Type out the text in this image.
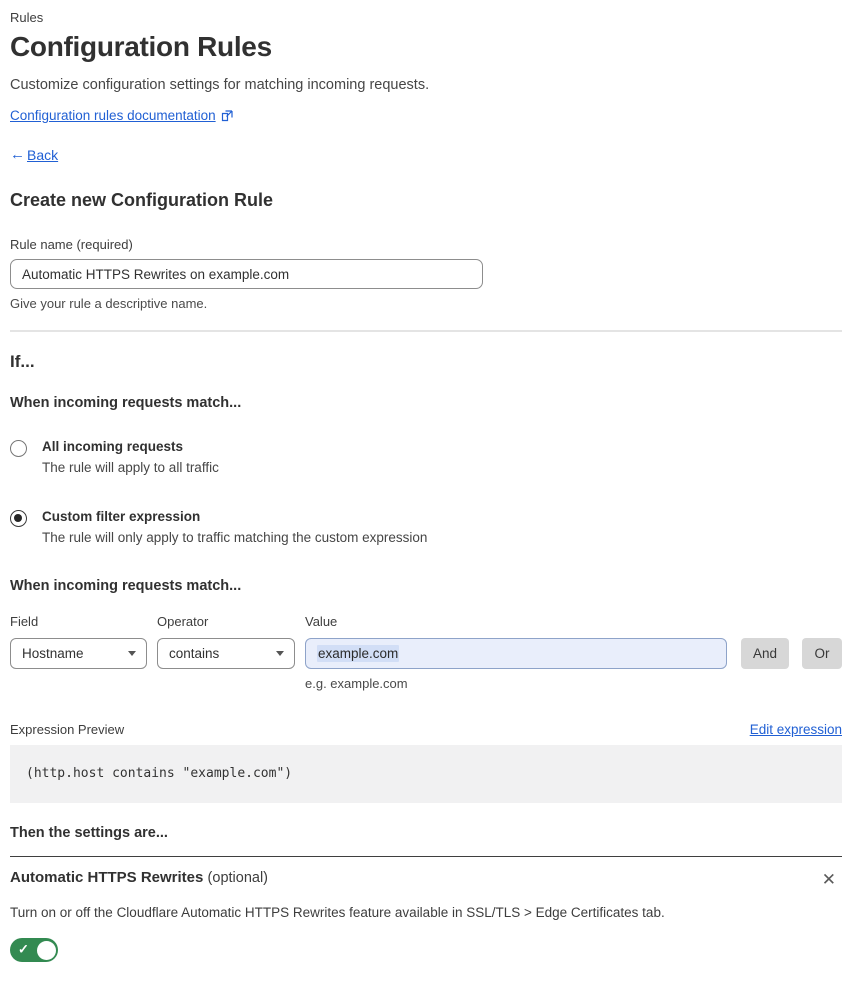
Rules
Configuration Rules
Customize configuration settings for matching incoming requests.
Configuration rules documentation
← Back
Create new Configuration Rule
Rule name (required)
Automatic HTTPS Rewrites on example.com
Give your rule a descriptive name.
If...
When incoming requests match...
All incoming requests
The rule will apply to all traffic
Custom filter expression
The rule will only apply to traffic matching the custom expression
When incoming requests match...
Field	Operator	Value
Hostname	contains	example.com
e.g. example.com
And	Or
Expression Preview	Edit expression
(http.host contains "example.com")
Then the settings are...
Automatic HTTPS Rewrites (optional)	✕
Turn on or off the Cloudflare Automatic HTTPS Rewrites feature available in SSL/TLS > Edge Certificates tab.
✓
